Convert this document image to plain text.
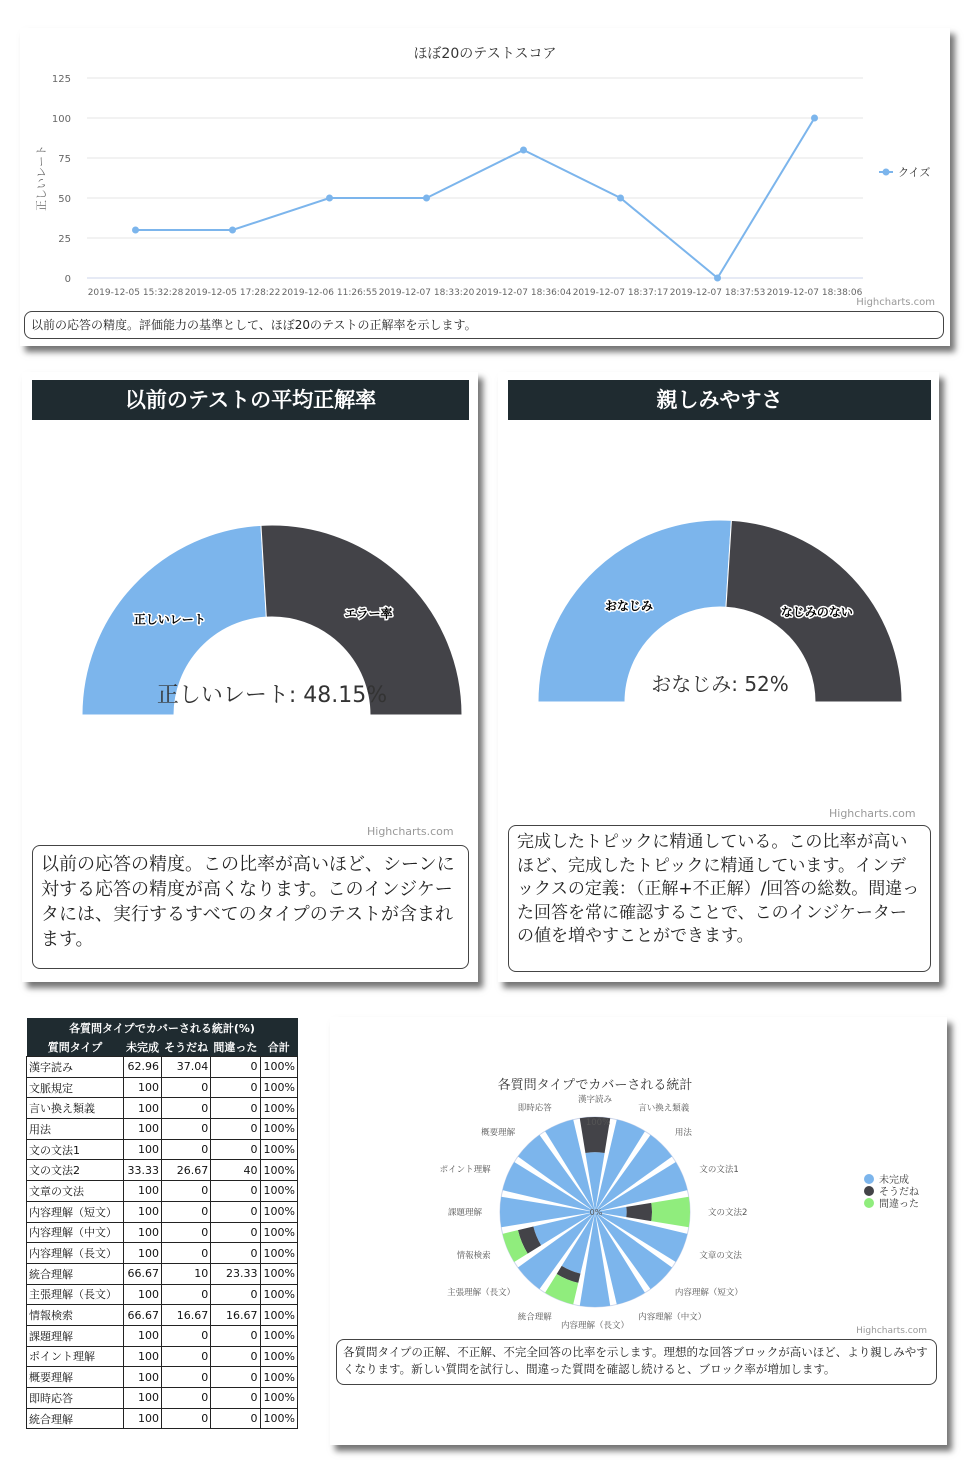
ほぼ20のテストスコア
0
25
50
75
100
125
正しいレート
2019-12-05 15:32:28 2019-12-05 17:28:22 2019-12-06 11:26:55 2019-12-07 18:33:20 2019-12-07 18:36:04 2019-12-07 18:37:17 2019-12-07 18:37:53 2019-12-07 18:38:06
クイズ
Highcharts.com
以前の応答の精度。評価能力の基準として、ほぼ20のテストの正解率を示します。
以前のテストの平均正解率
正しいレート	エラー率
正しいレート: 48.15%
Highcharts.com
以前の応答の精度。この比率が高いほど、シーンに対する応答の精度が高くなります。このインジケータには、実行するすべてのタイプのテストが含まれます。
親しみやすさ
おなじみ	なじみのない
おなじみ: 52%
Highcharts.com
完成したトピックに精通している。この比率が高いほど、完成したトピックに精通しています。インデックスの定義：（正解+不正解）/回答の総数。間違った回答を常に確認することで、このインジケーターの値を増やすことができます。
各質問タイプでカバーされる統計(%)				
質問タイプ	未完成	そうだね	間違った	合計
漢字読み	62.96	37.04	0	100%
文脈規定	100	0	0	100%
言い換え類義	100	0	0	100%
用法	100	0	0	100%
文の文法1	100	0	0	100%
文の文法2	33.33	26.67	40	100%
文章の文法	100	0	0	100%
内容理解（短文）	100	0	0	100%
内容理解（中文）	100	0	0	100%
内容理解（長文）	100	0	0	100%
統合理解	66.67	10	23.33	100%
主張理解（長文）	100	0	0	100%
情報検索	66.67	16.67	16.67	100%
課題理解	100	0	0	100%
ポイント理解	100	0	0	100%
概要理解	100	0	0	100%
即時応答	100	0	0	100%
統合理解	100	0	0	100%
各質問タイプでカバーされる統計
漢字読み
言い換え類義
用法
文の文法1
文の文法2
文章の文法
内容理解（短文）
内容理解（中文）
内容理解（長文）
統合理解
主張理解（長文）
情報検索
課題理解
ポイント理解
概要理解
即時応答
100%
0%
未完成
そうだね
間違った
Highcharts.com
各質問タイプの正解、不正解、不完全回答の比率を示します。理想的な回答ブロックが高いほど、より親しみやすくなります。新しい質問を試行し、間違った質問を確認し続けると、ブロック率が増加します。
